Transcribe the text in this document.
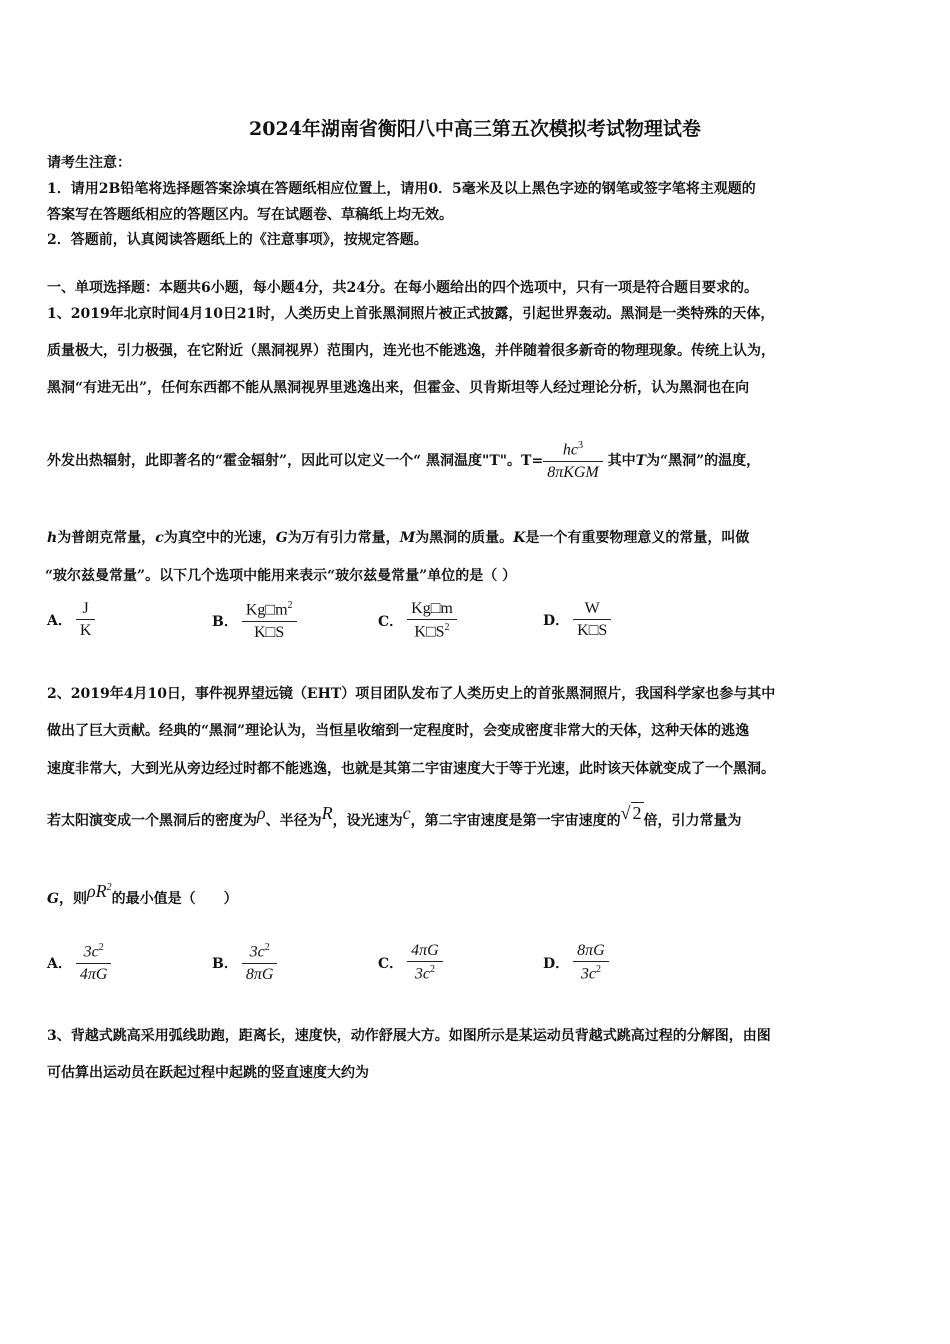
2024年湖南省衡阳八中高三第五次模拟考试物理试卷
请考生注意：
1．请用2B铅笔将选择题答案涂填在答题纸相应位置上，请用0．5毫米及以上黑色字迹的钢笔或签字笔将主观题的
答案写在答题纸相应的答题区内。写在试题卷、草稿纸上均无效。
2．答题前，认真阅读答题纸上的《注意事项》，按规定答题。
一、单项选择题：本题共6小题，每小题4分，共24分。在每小题给出的四个选项中，只有一项是符合题目要求的。
1、2019年北京时间4月10日21时，人类历史上首张黑洞照片被正式披露，引起世界轰动。黑洞是一类特殊的天体，
质量极大，引力极强，在它附近（黑洞视界）范围内，连光也不能逃逸，并伴随着很多新奇的物理现象。传统上认为，
黑洞“有进无出”，任何东西都不能从黑洞视界里逃逸出来，但霍金、贝肯斯坦等人经过理论分析，认为黑洞也在向
外发出热辐射，此即著名的“霍金辐射”，因此可以定义一个“ 黑洞温度"T"。$T= \frac{hc^3}{\text{8πKGM}}$ 其中T为“黑洞”的温度，
h为普朗克常量，c为真空中的光速，G为万有引力常量，M为黑洞的质量。K是一个有重要物理意义的常量，叫做
“玻尔兹曼常量”。以下几个选项中能用来表示“玻尔兹曼常量”单位的是（ ）
A． $\frac{J}{K}$	B． $\frac{Kg□m^2}{K□S}$	C． $\frac{Kg□m}{K□S^2}$	D． $\frac{W}{K□S}$
2、2019年4月10日，事件视界望远镜（EHT）项目团队发布了人类历史上的首张黑洞照片，我国科学家也参与其中
做出了巨大贡献。经典的“黑洞”理论认为，当恒星收缩到一定程度时，会变成密度非常大的天体，这种天体的逃逸
速度非常大，大到光从旁边经过时都不能逃逸，也就是其第二宇宙速度大于等于光速，此时该天体就变成了一个黑洞。
若太阳演变成一个黑洞后的密度为ρ、半径为R，设光速为c，第二宇宙速度是第一宇宙速度的√ 2 倍，引力常量为
G，则$\rho R^2$的最小值是（　　）
A． $\frac{3c^2}{4\pi G}$	B． $\frac{3c^2}{8\pi G}$	C． $\frac{4\pi G}{3c^2}$	D． $\frac{8\pi G}{3c^2}$
3、背越式跳高采用弧线助跑，距离长，速度快，动作舒展大方。如图所示是某运动员背越式跳高过程的分解图，由图
可估算出运动员在跃起过程中起跳的竖直速度大约为
